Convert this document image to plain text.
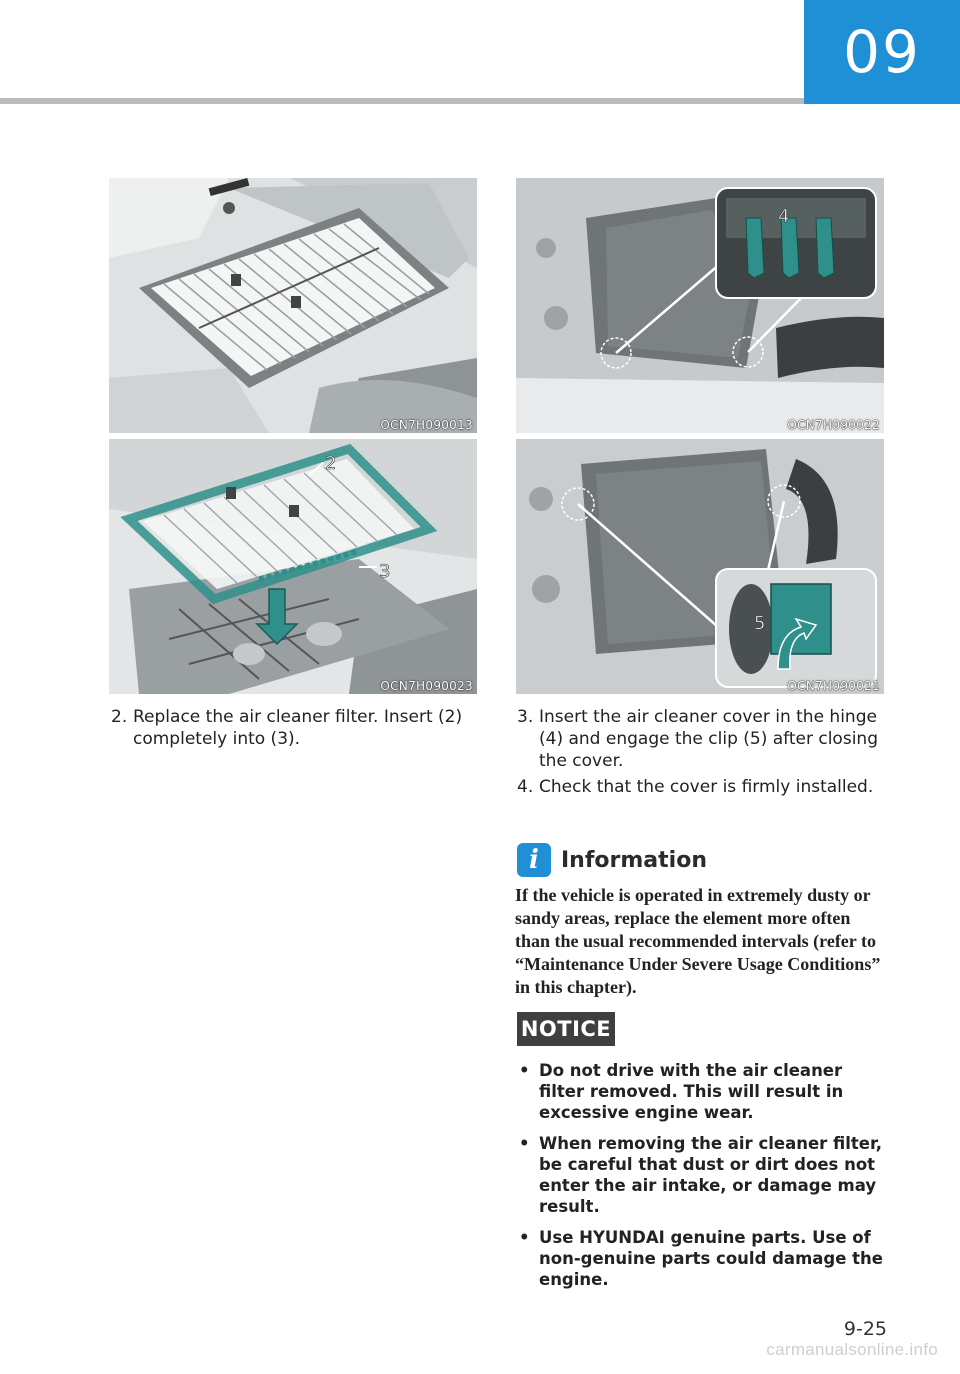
09
OCN7H090013
2
3
OCN7H090023
4
OCN7H090022
5
OCN7H090021
2. Replace the air cleaner filter. Insert (2) completely into (3).
3. Insert the air cleaner cover in the hinge (4) and engage the clip (5) after closing the cover.
4. Check that the cover is firmly installed.
i	Information
If the vehicle is operated in extremely dusty or sandy areas, replace the element more often than the usual recommended intervals (refer to “Maintenance Under Severe Usage Conditions” in this chapter).
NOTICE
• Do not drive with the air cleaner filter removed. This will result in excessive engine wear.
• When removing the air cleaner filter, be careful that dust or dirt does not enter the air intake, or damage may result.
• Use HYUNDAI genuine parts. Use of non-genuine parts could damage the engine.
9-25
carmanualsonline.info
